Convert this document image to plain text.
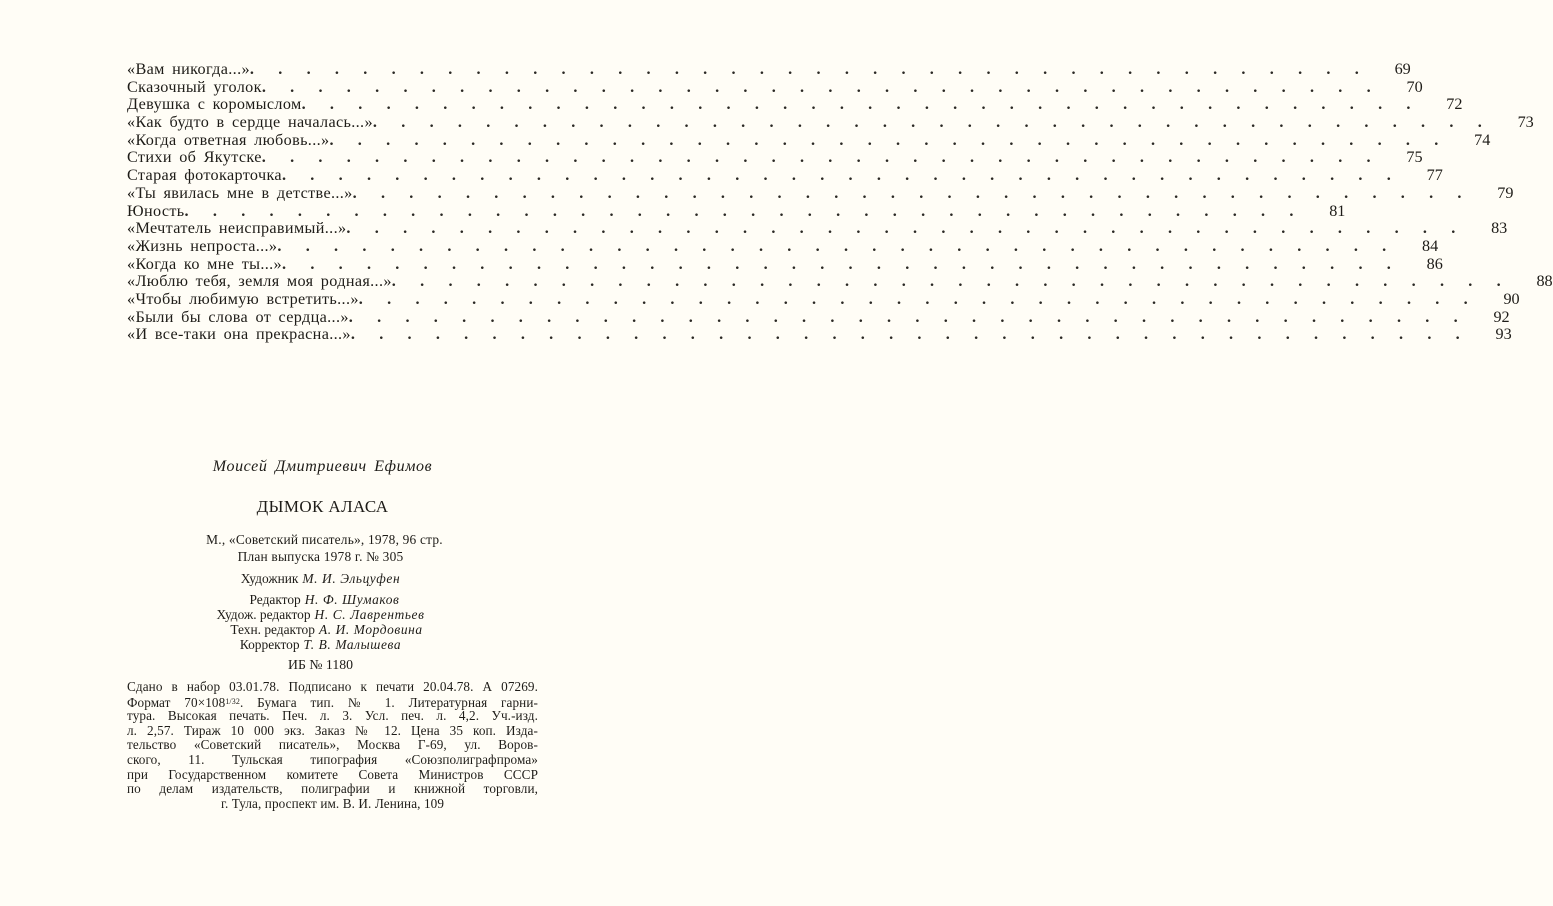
«Вам никогда...» .  .  .  .  .  .  .  .  .  .  .  .  .  .  .  .  .  .  .  .  .  .  .  .  .  .  .  .  .  .  .  .  .  .  .  .  .  .  .  .	69
Сказочный уголок .  .  .  .  .  .  .  .  .  .  .  .  .  .  .  .  .  .  .  .  .  .  .  .  .  .  .  .  .  .  .  .  .  .  .  .  .  .  .  .	70
Девушка с коромыслом .  .  .  .  .  .  .  .  .  .  .  .  .  .  .  .  .  .  .  .  .  .  .  .  .  .  .  .  .  .  .  .  .  .  .  .  .  .  .  .	72
«Как будто в сердце началась...» .  .  .  .  .  .  .  .  .  .  .  .  .  .  .  .  .  .  .  .  .  .  .  .  .  .  .  .  .  .  .  .  .  .  .  .  .  .  .  .	73
«Когда ответная любовь...» .  .  .  .  .  .  .  .  .  .  .  .  .  .  .  .  .  .  .  .  .  .  .  .  .  .  .  .  .  .  .  .  .  .  .  .  .  .  .  .	74
Стихи об Якутске .  .  .  .  .  .  .  .  .  .  .  .  .  .  .  .  .  .  .  .  .  .  .  .  .  .  .  .  .  .  .  .  .  .  .  .  .  .  .  .	75
Старая фотокарточка .  .  .  .  .  .  .  .  .  .  .  .  .  .  .  .  .  .  .  .  .  .  .  .  .  .  .  .  .  .  .  .  .  .  .  .  .  .  .  .	77
«Ты явилась мне в детстве...» .  .  .  .  .  .  .  .  .  .  .  .  .  .  .  .  .  .  .  .  .  .  .  .  .  .  .  .  .  .  .  .  .  .  .  .  .  .  .  .	79
Юность .  .  .  .  .  .  .  .  .  .  .  .  .  .  .  .  .  .  .  .  .  .  .  .  .  .  .  .  .  .  .  .  .  .  .  .  .  .  .  .	81
«Мечтатель неисправимый...» .  .  .  .  .  .  .  .  .  .  .  .  .  .  .  .  .  .  .  .  .  .  .  .  .  .  .  .  .  .  .  .  .  .  .  .  .  .  .  .	83
«Жизнь непроста...» .  .  .  .  .  .  .  .  .  .  .  .  .  .  .  .  .  .  .  .  .  .  .  .  .  .  .  .  .  .  .  .  .  .  .  .  .  .  .  .	84
«Когда ко мне ты...» .  .  .  .  .  .  .  .  .  .  .  .  .  .  .  .  .  .  .  .  .  .  .  .  .  .  .  .  .  .  .  .  .  .  .  .  .  .  .  .	86
«Люблю тебя, земля моя родная...» .  .  .  .  .  .  .  .  .  .  .  .  .  .  .  .  .  .  .  .  .  .  .  .  .  .  .  .  .  .  .  .  .  .  .  .  .  .  .  .	88
«Чтобы любимую встретить...» .  .  .  .  .  .  .  .  .  .  .  .  .  .  .  .  .  .  .  .  .  .  .  .  .  .  .  .  .  .  .  .  .  .  .  .  .  .  .  .	90
«Были бы слова от сердца...» .  .  .  .  .  .  .  .  .  .  .  .  .  .  .  .  .  .  .  .  .  .  .  .  .  .  .  .  .  .  .  .  .  .  .  .  .  .  .  .	92
«И все-таки она прекрасна...» .  .  .  .  .  .  .  .  .  .  .  .  .  .  .  .  .  .  .  .  .  .  .  .  .  .  .  .  .  .  .  .  .  .  .  .  .  .  .  .	93
Моисей Дмитриевич Ефимов
ДЫМОК АЛАСА
М., «Советский писатель», 1978, 96 стр.
План выпуска 1978 г. № 305
Художник М. И. Эльцуфен
Редактор Н. Ф. Шумаков
Худож. редактор Н. С. Лаврентьев
Техн. редактор А. И. Мордовина
Корректор Т. В. Малышева
ИБ № 1180
Сдано в набор 03.01.78. Подписано к печати 20.04.78. А 07269.
Формат $70\times 108^{1/32}$. Бумага тип. № 1. Литературная гарни-
тура. Высокая печать. Печ. л. 3. Усл. печ. л. 4,2. Уч.-изд.
л. 2,57. Тираж 10 000 экз. Заказ № 12. Цена 35 коп. Изда-
тельство «Советский писатель», Москва Г-69, ул. Воров-
ского, 11. Тульская типография «Союзполиграфпрома»
при Государственном комитете Совета Министров СССР
по делам издательств, полиграфии и книжной торговли,
г. Тула, проспект им. В. И. Ленина, 109
